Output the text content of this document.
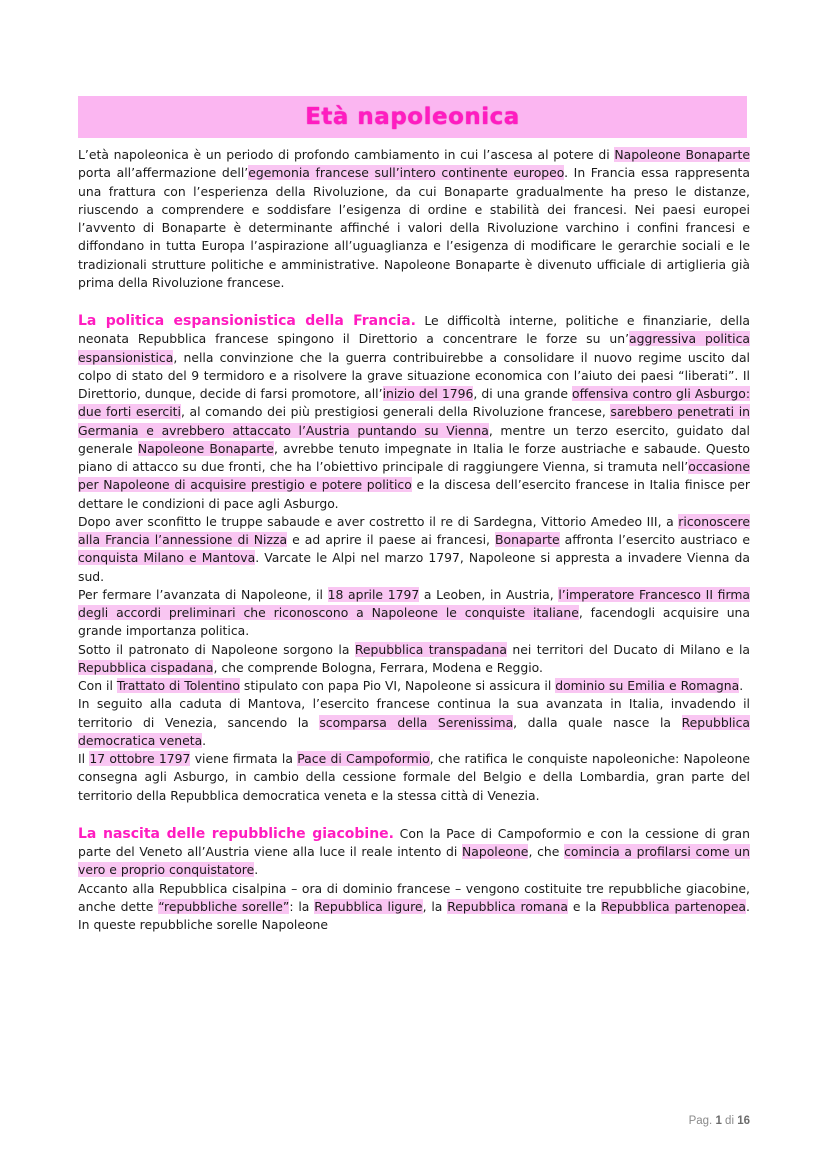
Età napoleonica

L’età napoleonica è un periodo di profondo cambiamento in cui l’ascesa al potere di Napoleone Bonaparte porta all’affermazione dell’egemonia francese sull’intero continente europeo. In Francia essa rappresenta una frattura con l’esperienza della Rivoluzione, da cui Bonaparte gradualmente ha preso le distanze, riuscendo a comprendere e soddisfare l’esigenza di ordine e stabilità dei francesi. Nei paesi europei l’avvento di Bonaparte è determinante affinché i valori della Rivoluzione varchino i confini francesi e diffondano in tutta Europa l’aspirazione all’uguaglianza e l’esigenza di modificare le gerarchie sociali e le tradizionali strutture politiche e amministrative. Napoleone Bonaparte è divenuto ufficiale di artiglieria già prima della Rivoluzione francese.

La politica espansionistica della Francia. Le difficoltà interne, politiche e finanziarie, della neonata Repubblica francese spingono il Direttorio a concentrare le forze su un’aggressiva politica espansionistica, nella convinzione che la guerra contribuirebbe a consolidare il nuovo regime uscito dal colpo di stato del 9 termidoro e a risolvere la grave situazione economica con l’aiuto dei paesi “liberati”. Il Direttorio, dunque, decide di farsi promotore, all’inizio del 1796, di una grande offensiva contro gli Asburgo: due forti eserciti, al comando dei più prestigiosi generali della Rivoluzione francese, sarebbero penetrati in Germania e avrebbero attaccato l’Austria puntando su Vienna, mentre un terzo esercito, guidato dal generale Napoleone Bonaparte, avrebbe tenuto impegnate in Italia le forze austriache e sabaude. Questo piano di attacco su due fronti, che ha l’obiettivo principale di raggiungere Vienna, si tramuta nell’occasione per Napoleone di acquisire prestigio e potere politico e la discesa dell’esercito francese in Italia finisce per dettare le condizioni di pace agli Asburgo.

Dopo aver sconfitto le truppe sabaude e aver costretto il re di Sardegna, Vittorio Amedeo III, a riconoscere alla Francia l’annessione di Nizza e ad aprire il paese ai francesi, Bonaparte affronta l’esercito austriaco e conquista Milano e Mantova. Varcate le Alpi nel marzo 1797, Napoleone si appresta a invadere Vienna da sud.

Per fermare l’avanzata di Napoleone, il 18 aprile 1797 a Leoben, in Austria, l’imperatore Francesco II firma degli accordi preliminari che riconoscono a Napoleone le conquiste italiane, facendogli acquisire una grande importanza politica.

Sotto il patronato di Napoleone sorgono la Repubblica transpadana nei territori del Ducato di Milano e la Repubblica cispadana, che comprende Bologna, Ferrara, Modena e Reggio.

Con il Trattato di Tolentino stipulato con papa Pio VI, Napoleone si assicura il dominio su Emilia e Romagna.

In seguito alla caduta di Mantova, l’esercito francese continua la sua avanzata in Italia, invadendo il territorio di Venezia, sancendo la scomparsa della Serenissima, dalla quale nasce la Repubblica democratica veneta.

Il 17 ottobre 1797 viene firmata la Pace di Campoformio, che ratifica le conquiste napoleoniche: Napoleone consegna agli Asburgo, in cambio della cessione formale del Belgio e della Lombardia, gran parte del territorio della Repubblica democratica veneta e la stessa città di Venezia.

La nascita delle repubbliche giacobine. Con la Pace di Campoformio e con la cessione di gran parte del Veneto all’Austria viene alla luce il reale intento di Napoleone, che comincia a profilarsi come un vero e proprio conquistatore.

Accanto alla Repubblica cisalpina – ora di dominio francese – vengono costituite tre repubbliche giacobine, anche dette “repubbliche sorelle”: la Repubblica ligure, la Repubblica romana e la Repubblica partenopea. In queste repubbliche sorelle Napoleone

Pag. 1 di 16
